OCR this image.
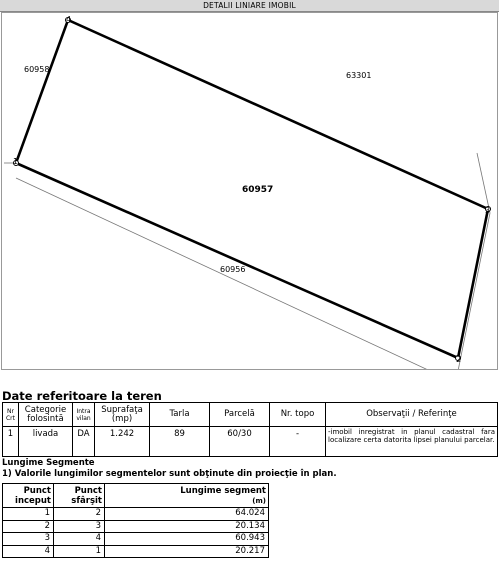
DETALII LINIARE IMOBIL
1
2
3
4
60957
63301
60958
60956
Date referitoare la teren
Nr Crt	Categorie folosintă	Intra vilan	Suprafaţa (mp)	Tarla	Parcelă	Nr. topo	Observaţii / Referinţe
1	livada	DA	1.242	89	60/30	-	-imobil inregistrat in planul cadastral fara localizare certa datorita lipsei planului parcelar.
Lungime Segmente
1) Valorile lungimilor segmentelor sunt obţinute din proiecţie în plan.
Punct inceput	Punct sfârşit	Lungime segment
(m)
1	2	64.024
2	3	20.134
3	4	60.943
4	1	20.217
